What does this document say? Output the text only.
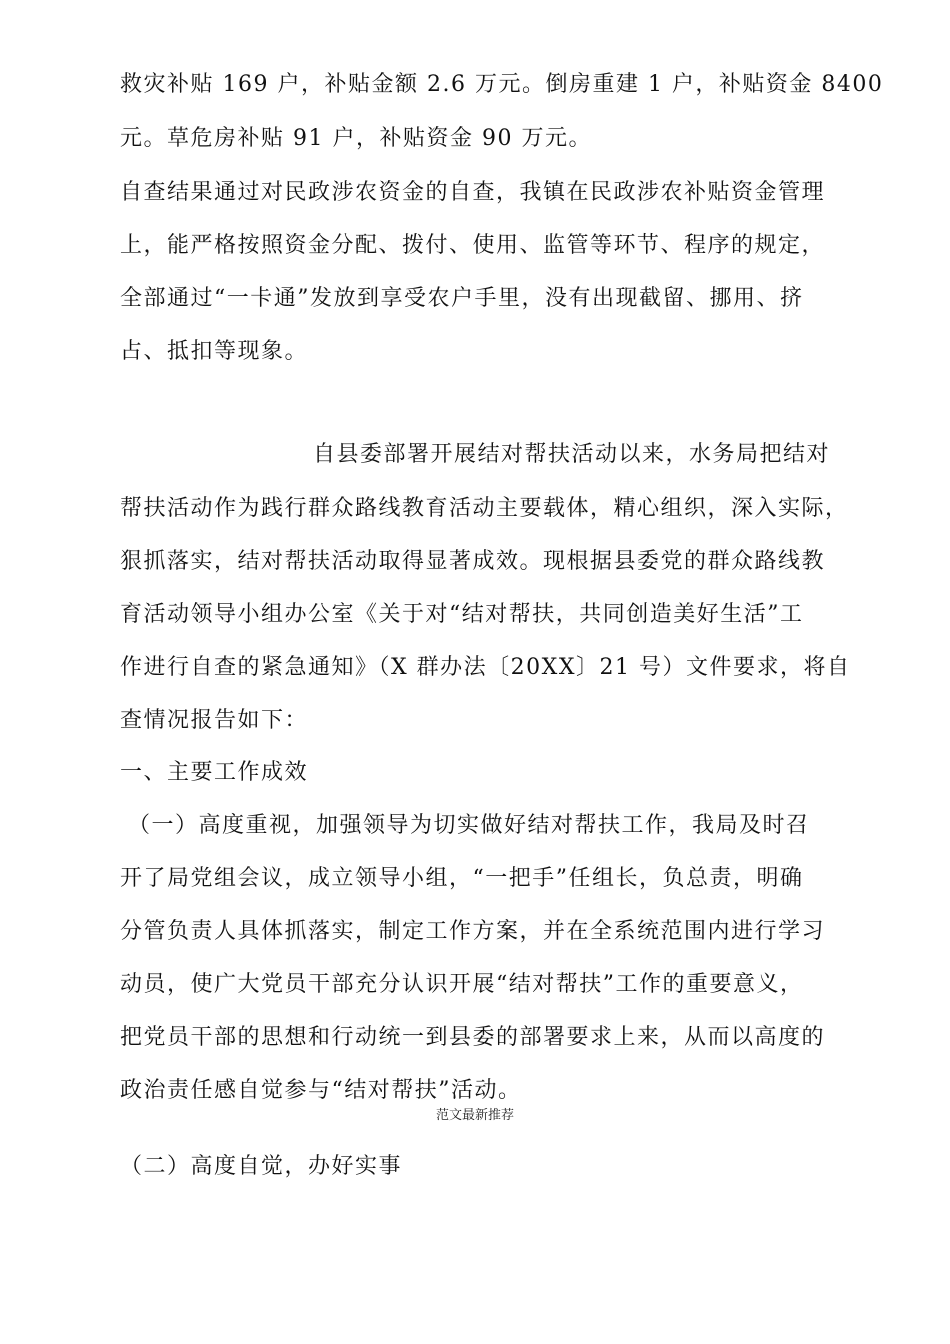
救灾补贴 169 户，补贴金额 2.6 万元。倒房重建 1 户，补贴资金 8400
元。草危房补贴 91 户，补贴资金 90 万元。
自查结果通过对民政涉农资金的自查，我镇在民政涉农补贴资金管理
上，能严格按照资金分配、拨付、使用、监管等环节、程序的规定，
全部通过“一卡通”发放到享受农户手里，没有出现截留、挪用、挤
占、抵扣等现象。
自县委部署开展结对帮扶活动以来，水务局把结对
帮扶活动作为践行群众路线教育活动主要载体，精心组织，深入实际，
狠抓落实，结对帮扶活动取得显著成效。现根据县委党的群众路线教
育活动领导小组办公室《关于对“结对帮扶，共同创造美好生活”工
作进行自查的紧急通知》（X 群办法〔20XX〕21 号）文件要求，将自
查情况报告如下：
一、主要工作成效
（一）高度重视，加强领导为切实做好结对帮扶工作，我局及时召
开了局党组会议，成立领导小组，“一把手”任组长，负总责，明确
分管负责人具体抓落实，制定工作方案，并在全系统范围内进行学习
动员，使广大党员干部充分认识开展“结对帮扶”工作的重要意义，
把党员干部的思想和行动统一到县委的部署要求上来，从而以高度的
政治责任感自觉参与“结对帮扶”活动。
范文最新推荐
（二）高度自觉，办好实事
